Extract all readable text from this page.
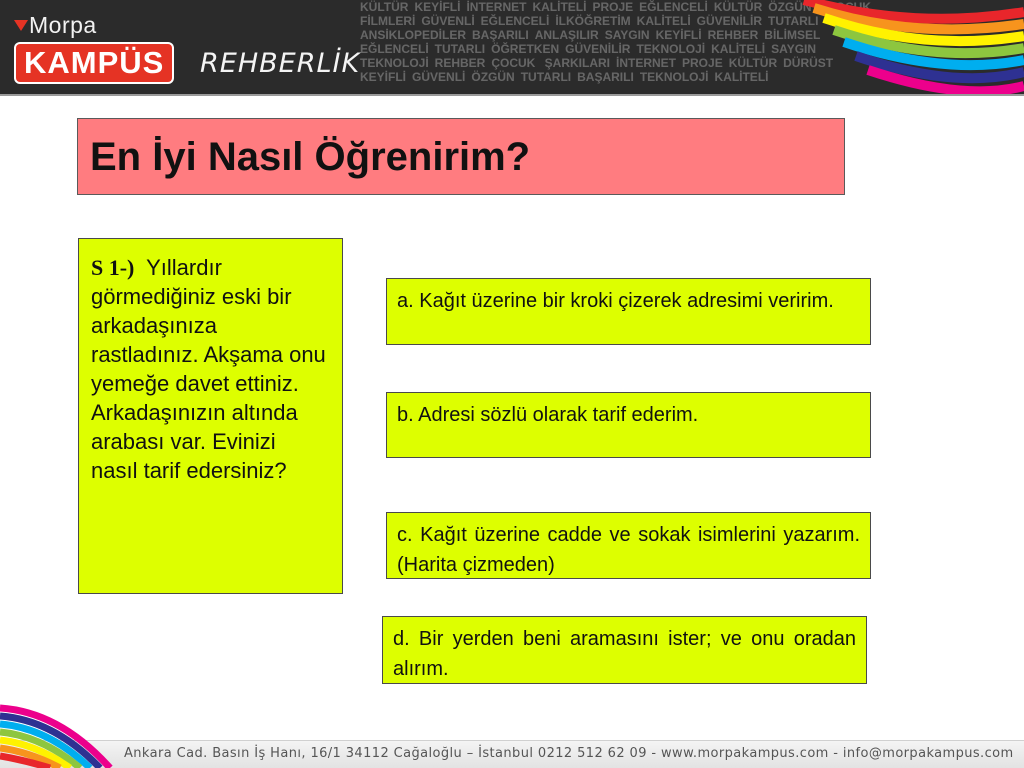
KÜLTÜR KEYİFLİ İNTERNET KALİTELİ PROJE EĞLENCELİ KÜLTÜR ÖZGÜN ÇOCUK FİLMLERİ GÜVENLİ EĞLENCELİ İLKÖĞRETİM KALİTELİ GÜVENİLİR TUTARLI ANSİKLOPEDİLER BAŞARILI ANLAŞILIR SAYGIN KEYİFLİ REHBER BİLİMSEL EĞLENCELİ TUTARLI ÖĞRETKEN GÜVENİLİR TEKNOLOJİ KALİTELİ SAYGIN TEKNOLOJİ REHBER ÇOCUK ŞARKILARI İNTERNET PROJE KÜLTÜR DÜRÜST KEYİFLİ GÜVENLİ ÖZGÜN TUTARLI BAŞARILI TEKNOLOJİ KALİTELİ
Morpa
KAMPÜS REHBERLİK
En İyi Nasıl Öğrenirim?

S 1-) Yıllardır görmediğiniz eski bir arkadaşınıza rastladınız. Akşama onu yemeğe davet ettiniz. Arkadaşınızın altında arabası var. Evinizi nasıl tarif edersiniz?

a. Kağıt üzerine bir kroki çizerek adresimi veririm.
b. Adresi sözlü olarak tarif ederim.
c. Kağıt üzerine cadde ve sokak isimlerini yazarım. (Harita çizmeden)
d. Bir yerden beni aramasını ister; ve onu oradan alırım.
Ankara Cad. Basın İş Hanı, 16/1 34112 Cağaloğlu – İstanbul 0212 512 62 09 - www.morpakampus.com - info@morpakampus.com
